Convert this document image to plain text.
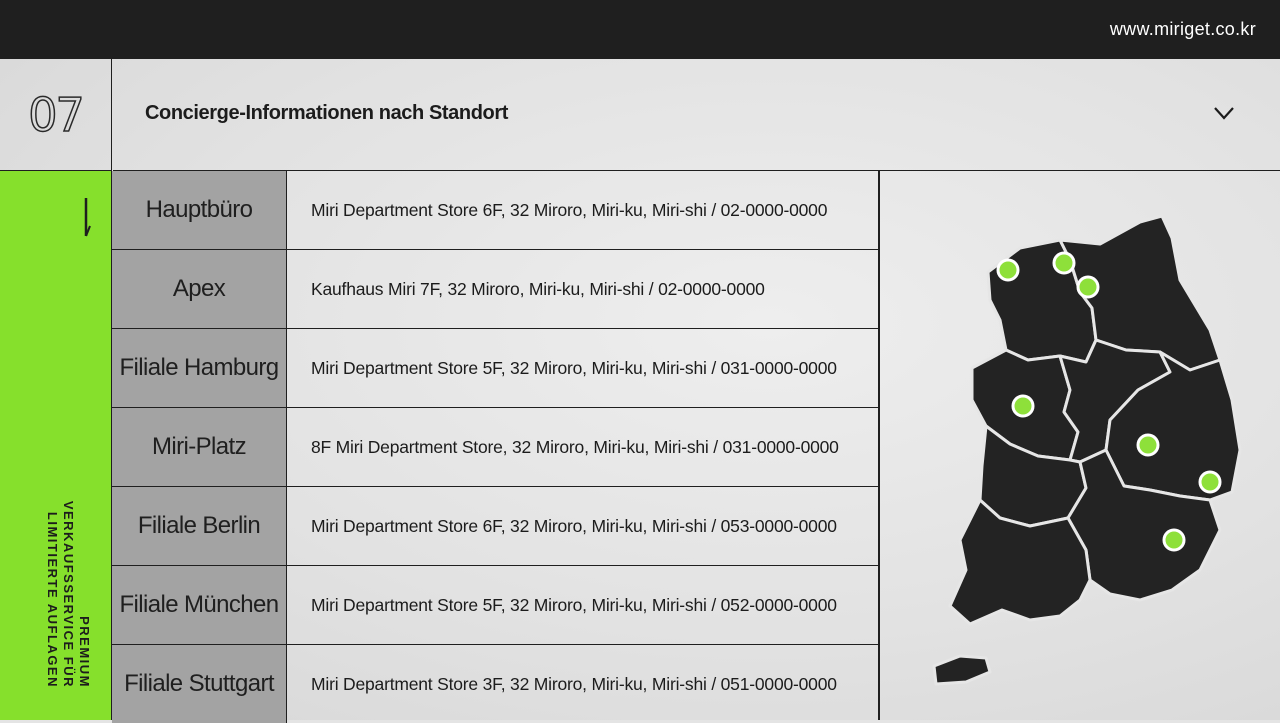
www.miriget.co.kr
07	Concierge-Informationen nach Standort
PREMIUM
VERKAUFSSERVICE FÜR
LIMITIERTE AUFLAGEN
Hauptbüro	Miri Department Store 6F, 32 Miroro, Miri-ku, Miri-shi / 02-0000-0000
Apex	Kaufhaus Miri 7F, 32 Miroro, Miri-ku, Miri-shi / 02-0000-0000
Filiale Hamburg	Miri Department Store 5F, 32 Miroro, Miri-ku, Miri-shi / 031-0000-0000
Miri-Platz	8F Miri Department Store, 32 Miroro, Miri-ku, Miri-shi / 031-0000-0000
Filiale Berlin	Miri Department Store 6F, 32 Miroro, Miri-ku, Miri-shi / 053-0000-0000
Filiale München	Miri Department Store 5F, 32 Miroro, Miri-ku, Miri-shi / 052-0000-0000
Filiale Stuttgart	Miri Department Store 3F, 32 Miroro, Miri-ku, Miri-shi / 051-0000-0000
